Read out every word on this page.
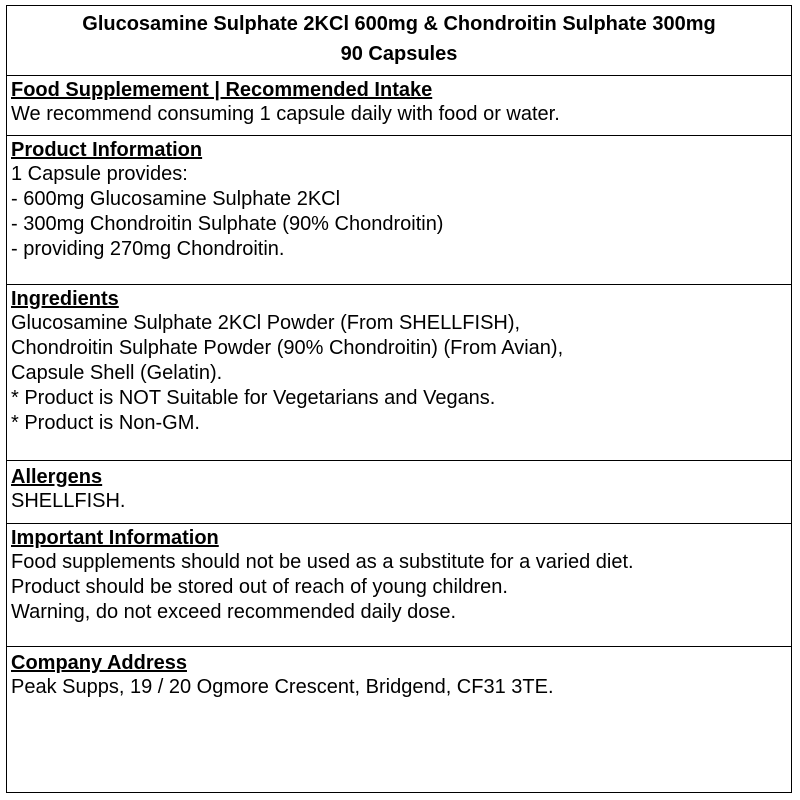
Glucosamine Sulphate 2KCl 600mg & Chondroitin Sulphate 300mg
90 Capsules
Food Supplemement | Recommended Intake
We recommend consuming 1 capsule daily with food or water.
Product Information
1 Capsule provides:
- 600mg Glucosamine Sulphate 2KCl
- 300mg Chondroitin Sulphate (90% Chondroitin)
- providing 270mg Chondroitin.
Ingredients
Glucosamine Sulphate 2KCl Powder (From SHELLFISH),
Chondroitin Sulphate Powder (90% Chondroitin) (From Avian),
Capsule Shell (Gelatin).
* Product is NOT Suitable for Vegetarians and Vegans.
* Product is Non-GM.
Allergens
SHELLFISH.
Important Information
Food supplements should not be used as a substitute for a varied diet.
Product should be stored out of reach of young children.
Warning, do not exceed recommended daily dose.
Company Address
Peak Supps, 19 / 20 Ogmore Crescent, Bridgend, CF31 3TE.
